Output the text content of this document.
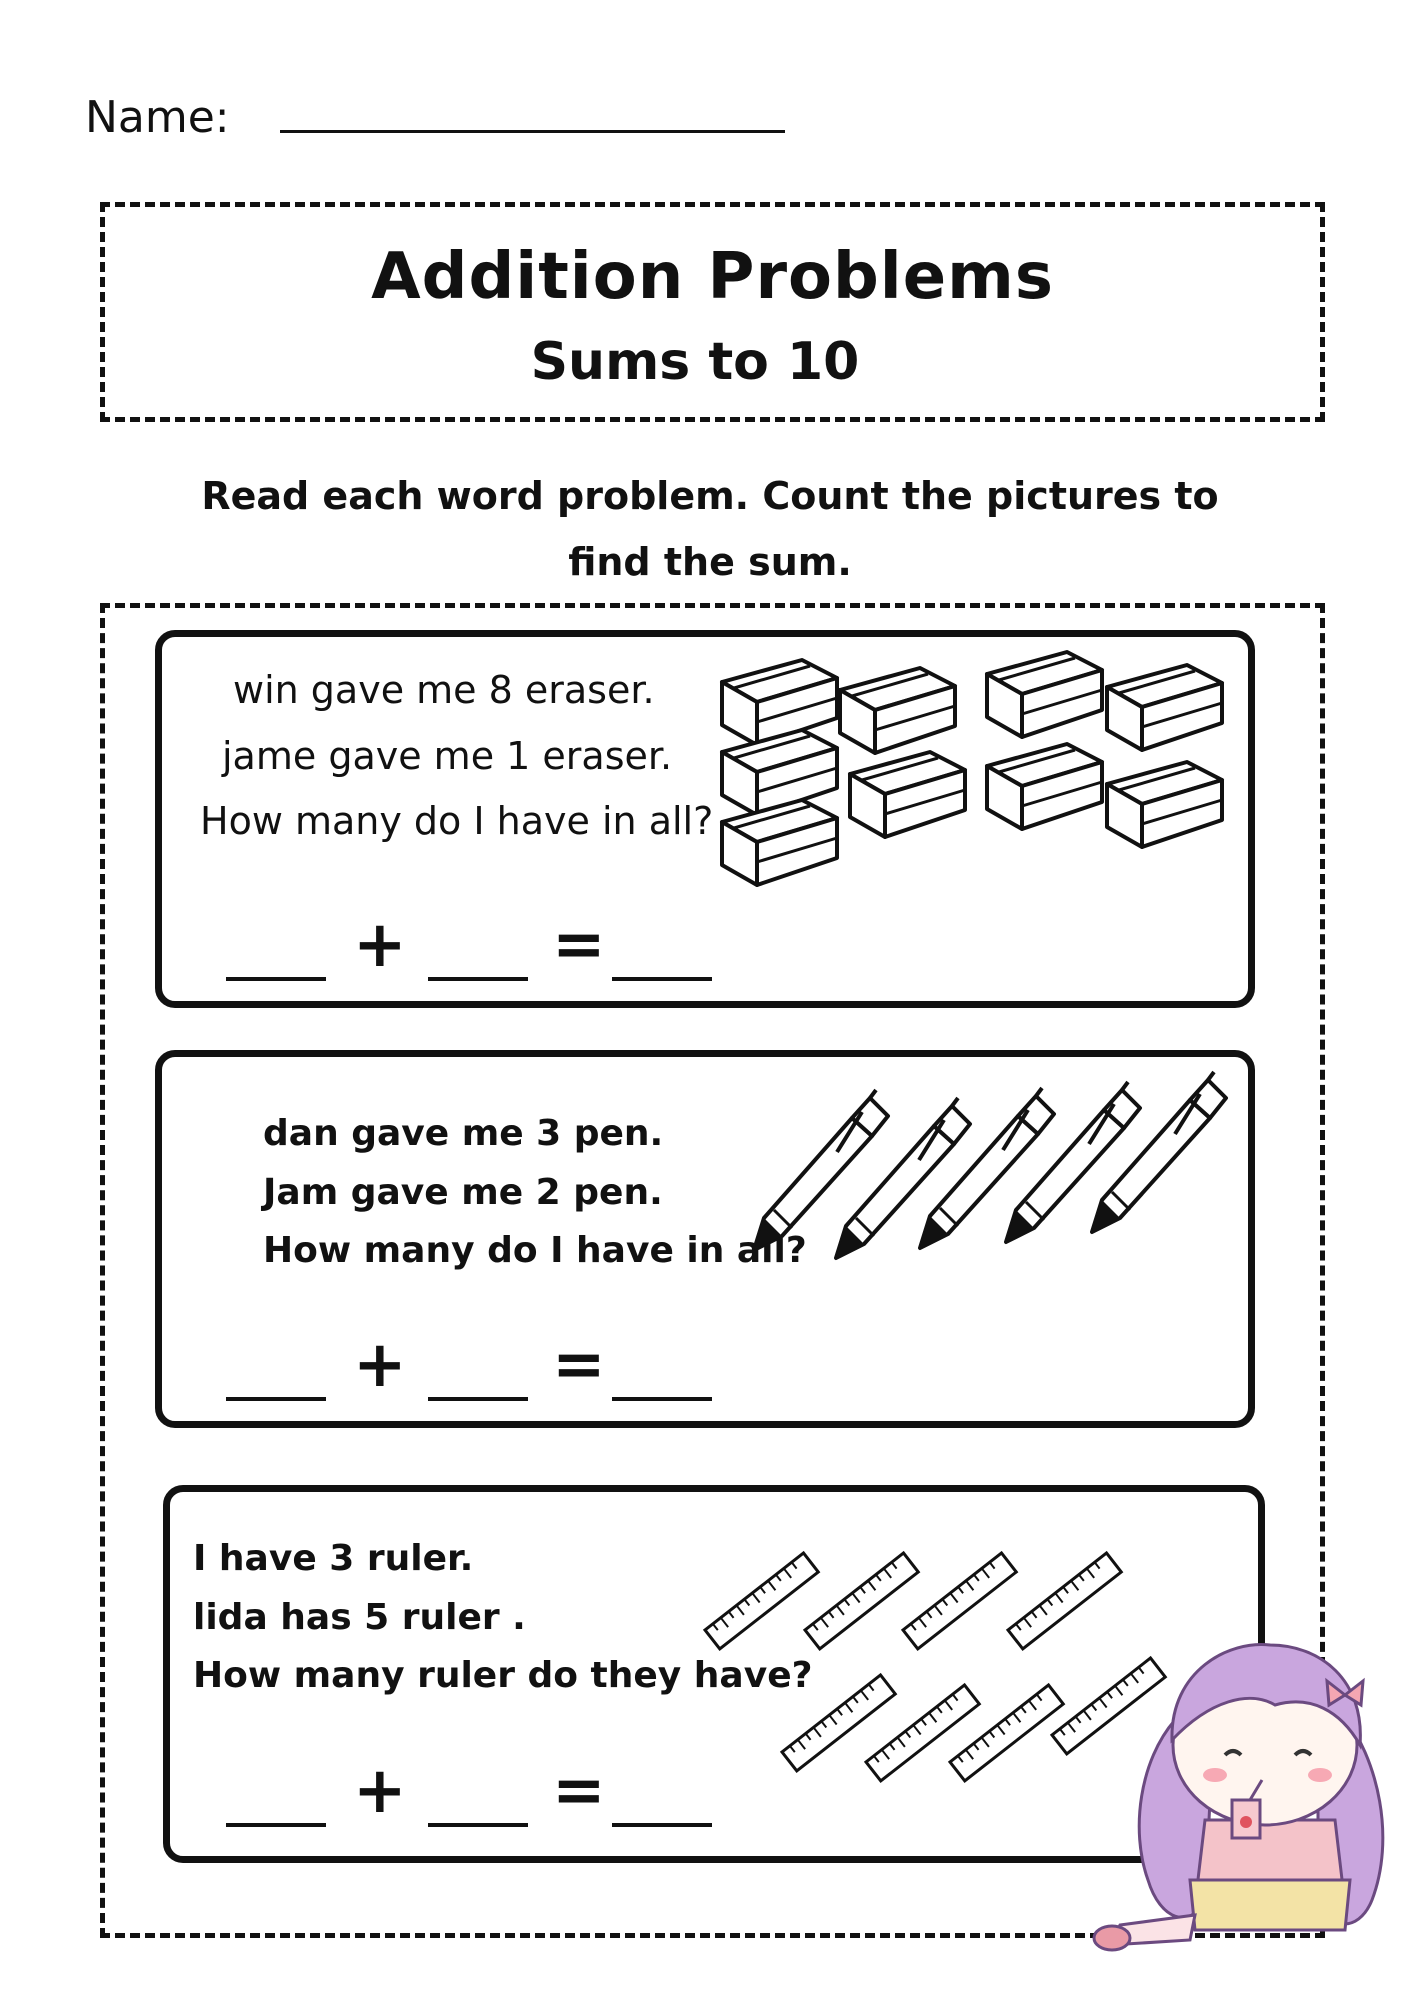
Name:
Addition Problems
Sums to 10
Read each word problem. Count the pictures to
find the sum.
win gave me 8 eraser.
jame gave me 1 eraser.
How many do I have in all?
+ =
dan gave me 3 pen.
Jam gave me 2 pen.
How many do I have in all?
+ =
I have 3 ruler.
lida has 5 ruler .
How many ruler do they have?
+ =
